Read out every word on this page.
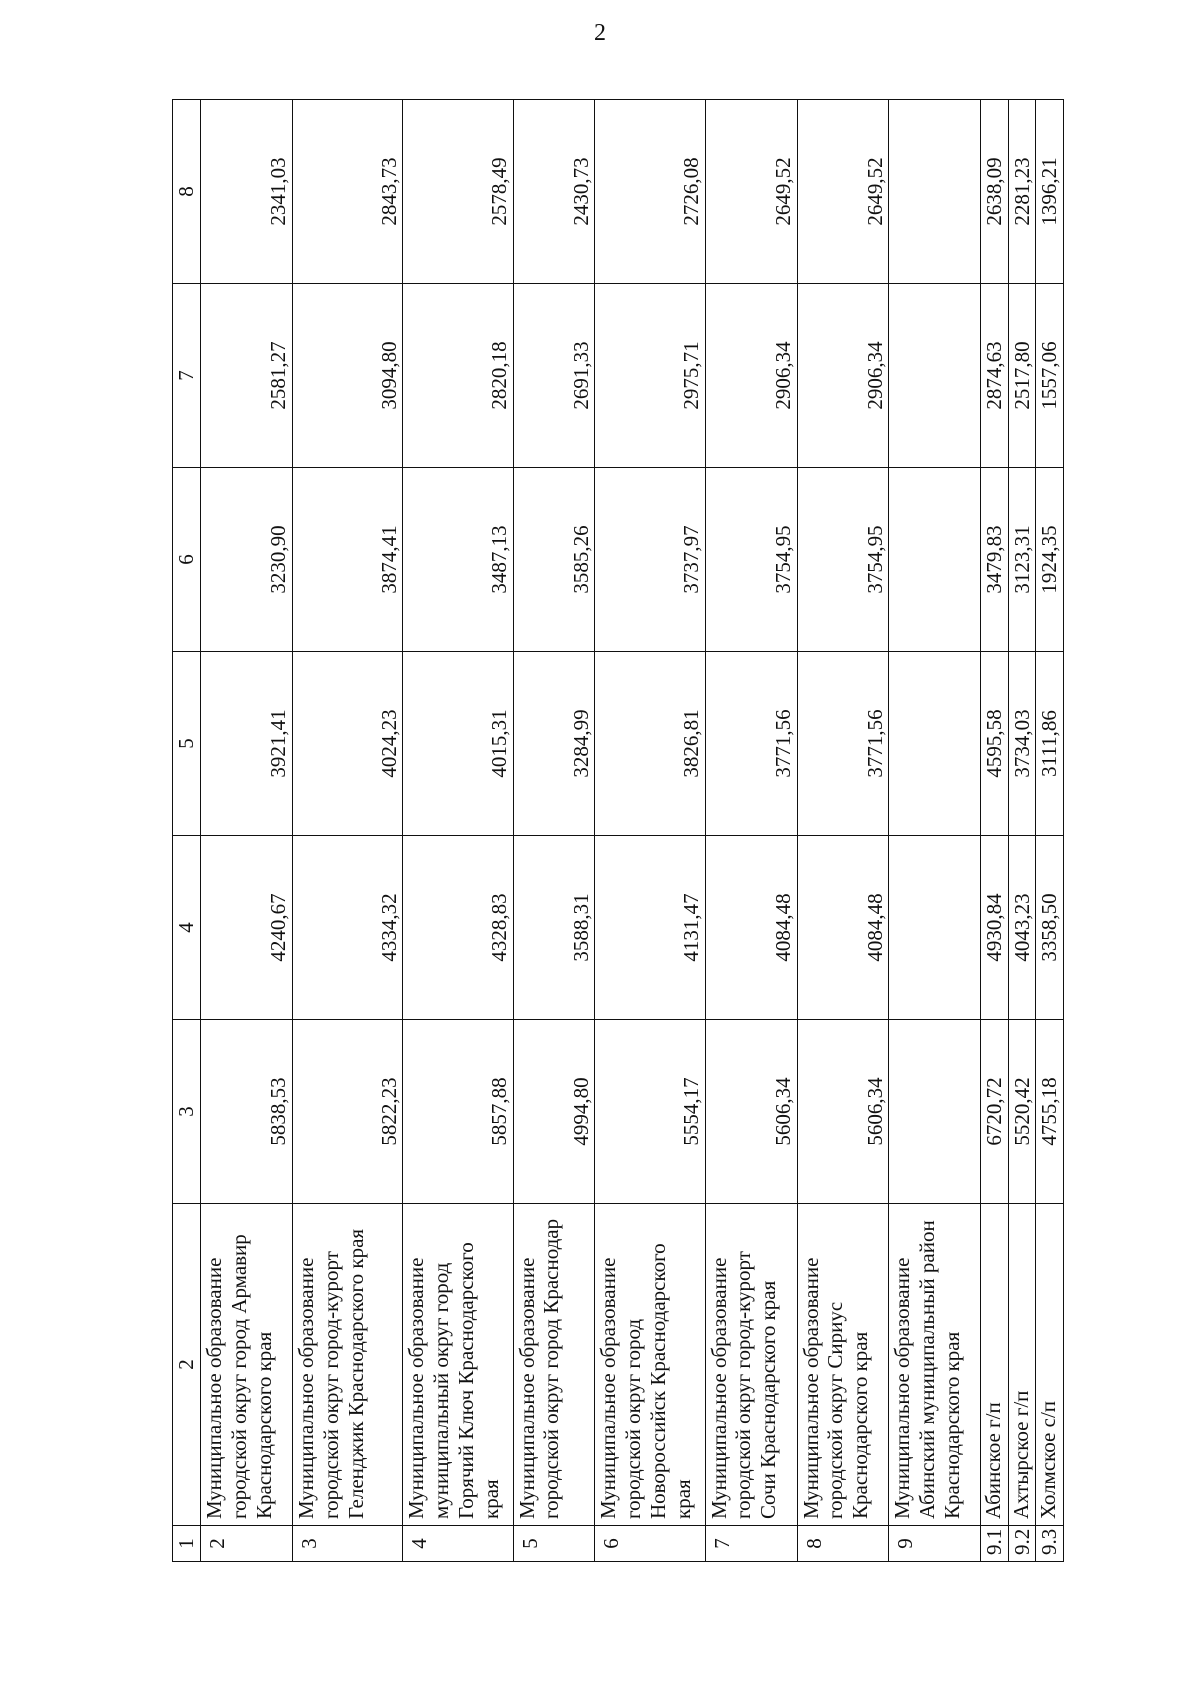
2
1	2	3	4	5	6	7	8
2	Муниципальное образование городской округ город Армавир Краснодарского края	5838,53	4240,67	3921,41	3230,90	2581,27	2341,03
3	Муниципальное образование городской округ город-курорт Геленджик Краснодарского края	5822,23	4334,32	4024,23	3874,41	3094,80	2843,73
4	Муниципальное образование муниципальный округ город Горячий Ключ Краснодарского края	5857,88	4328,83	4015,31	3487,13	2820,18	2578,49
5	Муниципальное образование городской округ город Краснодар	4994,80	3588,31	3284,99	3585,26	2691,33	2430,73
6	Муниципальное образование городской округ город Новороссийск Краснодарского края	5554,17	4131,47	3826,81	3737,97	2975,71	2726,08
7	Муниципальное образование городской округ город-курорт Сочи Краснодарского края	5606,34	4084,48	3771,56	3754,95	2906,34	2649,52
8	Муниципальное образование городской округ Сириус Краснодарского края	5606,34	4084,48	3771,56	3754,95	2906,34	2649,52
9	Муниципальное образование Абинский муниципальный район Краснодарского края						
9.1	Абинское г/п	6720,72	4930,84	4595,58	3479,83	2874,63	2638,09
9.2	Ахтырское г/п	5520,42	4043,23	3734,03	3123,31	2517,80	2281,23
9.3	Холмское с/п	4755,18	3358,50	3111,86	1924,35	1557,06	1396,21
